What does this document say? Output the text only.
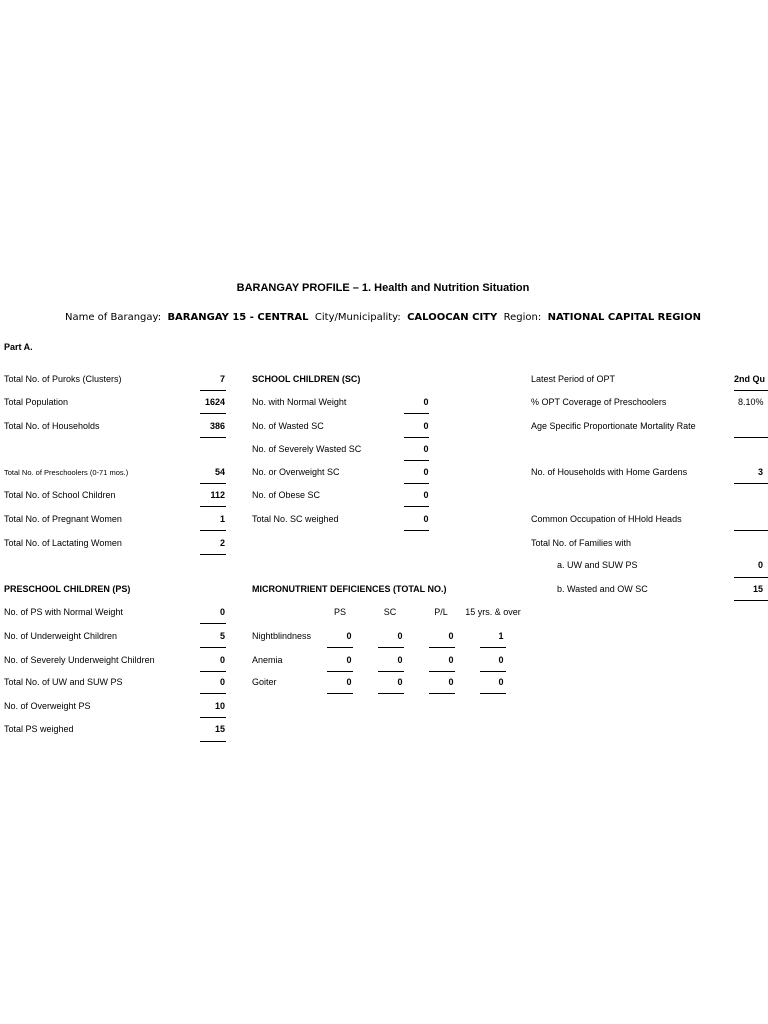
BARANGAY PROFILE – 1. Health and Nutrition Situation
Name of Barangay: BARANGAY 15 - CENTRAL City/Municipality: CALOOCAN CITY Region: NATIONAL CAPITAL REGION
Part A.
Total No. of Puroks (Clusters)	7
Total Population	1624
Total No. of Households	386
Total No. of Preschoolers (0-71 mos.)	54
Total No. of School Children	112
Total No. of Pregnant Women	1
Total No. of Lactating Women	2
SCHOOL CHILDREN (SC)
No. with Normal Weight	0
No. of Wasted SC	0
No. of Severely Wasted SC	0
No. or Overweight SC	0
No. of Obese SC	0
Total No. SC weighed	0
Latest Period of OPT	2nd Qu
% OPT Coverage of Preschoolers	8.10%
Age Specific Proportionate Mortality Rate
No. of Households with Home Gardens	3
Common Occupation of HHold Heads
Total No. of Families with
a. UW and SUW PS	0
b. Wasted and OW SC	15
PRESCHOOL CHILDREN (PS)
No. of PS with Normal Weight	0
No. of Underweight Children	5
No. of Severely Underweight Children	0
Total No. of UW and SUW PS	0
No. of Overweight PS	10
Total PS weighed	15
MICRONUTRIENT DEFICIENCES (TOTAL NO.)
PS	SC	P/L	15 yrs. & over
Nightblindness	0	0	0	1
Anemia	0	0	0	0
Goiter	0	0	0	0
